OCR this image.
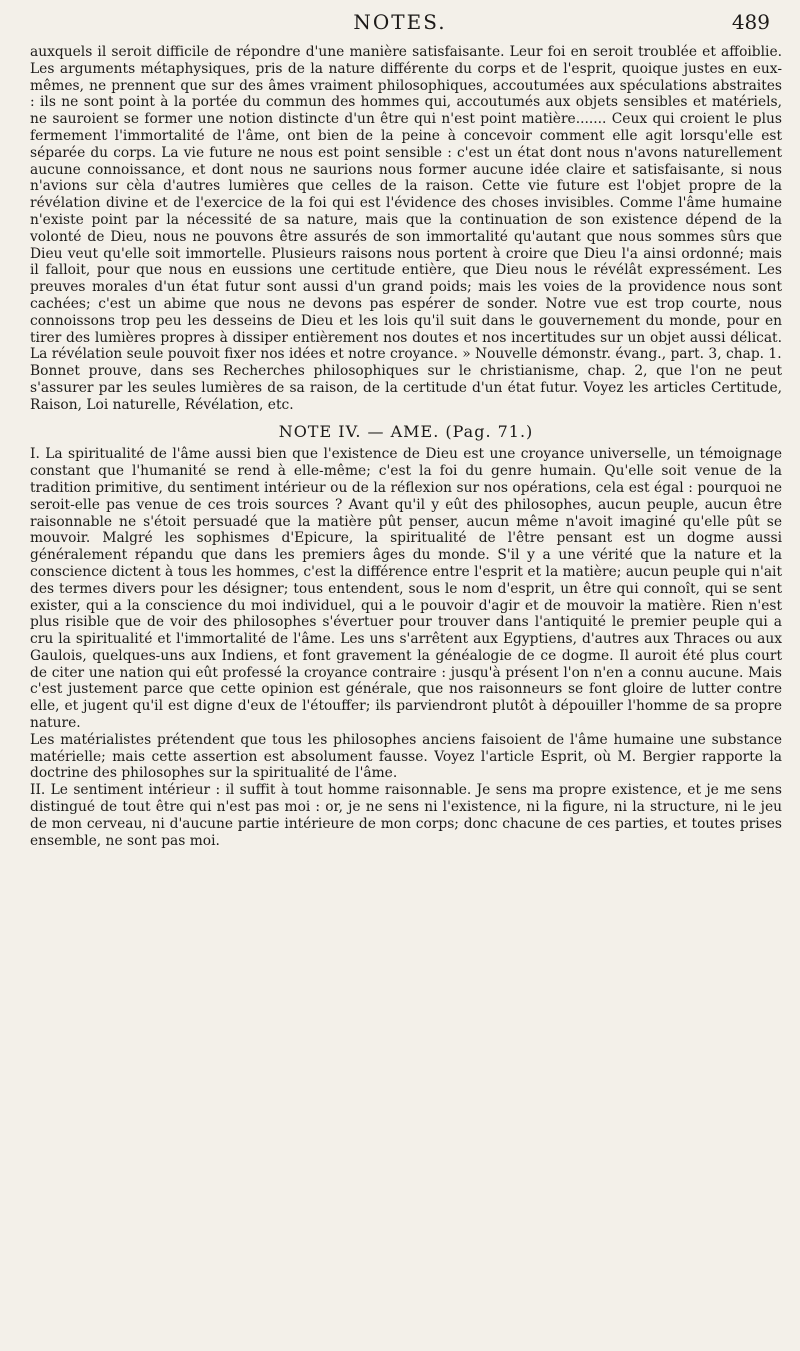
NOTES.	489

auxquels il seroit difficile de répondre d'une manière satisfaisante. Leur foi en seroit troublée et affoiblie. Les arguments métaphysiques, pris de la nature différente du corps et de l'esprit, quoique justes en eux-mêmes, ne prennent que sur des âmes vraiment philosophiques, accoutumées aux spéculations abstraites : ils ne sont point à la portée du commun des hommes qui, accoutumés aux objets sensibles et matériels, ne sauroient se former une notion distincte d'un être qui n'est point matière....... Ceux qui croient le plus fermement l'immortalité de l'âme, ont bien de la peine à concevoir comment elle agit lorsqu'elle est séparée du corps. La vie future ne nous est point sensible : c'est un état dont nous n'avons naturellement aucune connoissance, et dont nous ne saurions nous former aucune idée claire et satisfaisante, si nous n'avions sur cèla d'autres lumières que celles de la raison. Cette vie future est l'objet propre de la révélation divine et de l'exercice de la foi qui est l'évidence des choses invisibles. Comme l'âme humaine n'existe point par la nécessité de sa nature, mais que la continuation de son existence dépend de la volonté de Dieu, nous ne pouvons être assurés de son immortalité qu'autant que nous sommes sûrs que Dieu veut qu'elle soit immortelle. Plusieurs raisons nous portent à croire que Dieu l'a ainsi ordonné; mais il falloit, pour que nous en eussions une certitude entière, que Dieu nous le révélât expressément. Les preuves morales d'un état futur sont aussi d'un grand poids; mais les voies de la providence nous sont cachées; c'est un abime que nous ne devons pas espérer de sonder. Notre vue est trop courte, nous connoissons trop peu les desseins de Dieu et les lois qu'il suit dans le gouvernement du monde, pour en tirer des lumières propres à dissiper entièrement nos doutes et nos incertitudes sur un objet aussi délicat. La révélation seule pouvoit fixer nos idées et notre croyance. » Nouvelle démonstr. évang., part. 3, chap. 1.

Bonnet prouve, dans ses Recherches philosophiques sur le christianisme, chap. 2, que l'on ne peut s'assurer par les seules lumières de sa raison, de la certitude d'un état futur. Voyez les articles Certitude, Raison, Loi naturelle, Révélation, etc.

NOTE IV. — AME. (Pag. 71.)

I. La spiritualité de l'âme aussi bien que l'existence de Dieu est une croyance universelle, un témoignage constant que l'humanité se rend à elle-même; c'est la foi du genre humain. Qu'elle soit venue de la tradition primitive, du sentiment intérieur ou de la réflexion sur nos opérations, cela est égal : pourquoi ne seroit-elle pas venue de ces trois sources ? Avant qu'il y eût des philosophes, aucun peuple, aucun être raisonnable ne s'étoit persuadé que la matière pût penser, aucun même n'avoit imaginé qu'elle pût se mouvoir. Malgré les sophismes d'Epicure, la spiritualité de l'être pensant est un dogme aussi généralement répandu que dans les premiers âges du monde. S'il y a une vérité que la nature et la conscience dictent à tous les hommes, c'est la différence entre l'esprit et la matière; aucun peuple qui n'ait des termes divers pour les désigner; tous entendent, sous le nom d'esprit, un être qui connoît, qui se sent exister, qui a la conscience du moi individuel, qui a le pouvoir d'agir et de mouvoir la matière. Rien n'est plus risible que de voir des philosophes s'évertuer pour trouver dans l'antiquité le premier peuple qui a cru la spiritualité et l'immortalité de l'âme. Les uns s'arrêtent aux Egyptiens, d'autres aux Thraces ou aux Gaulois, quelques-uns aux Indiens, et font gravement la généalogie de ce dogme. Il auroit été plus court de citer une nation qui eût professé la croyance contraire : jusqu'à présent l'on n'en a connu aucune. Mais c'est justement parce que cette opinion est générale, que nos raisonneurs se font gloire de lutter contre elle, et jugent qu'il est digne d'eux de l'étouffer; ils parviendront plutôt à dépouiller l'homme de sa propre nature.

Les matérialistes prétendent que tous les philosophes anciens faisoient de l'âme humaine une substance matérielle; mais cette assertion est absolument fausse. Voyez l'article Esprit, où M. Bergier rapporte la doctrine des philosophes sur la spiritualité de l'âme.

II. Le sentiment intérieur : il suffit à tout homme raisonnable. Je sens ma propre existence, et je me sens distingué de tout être qui n'est pas moi : or, je ne sens ni l'existence, ni la figure, ni la structure, ni le jeu de mon cerveau, ni d'aucune partie intérieure de mon corps; donc chacune de ces parties, et toutes prises ensemble, ne sont pas moi.
